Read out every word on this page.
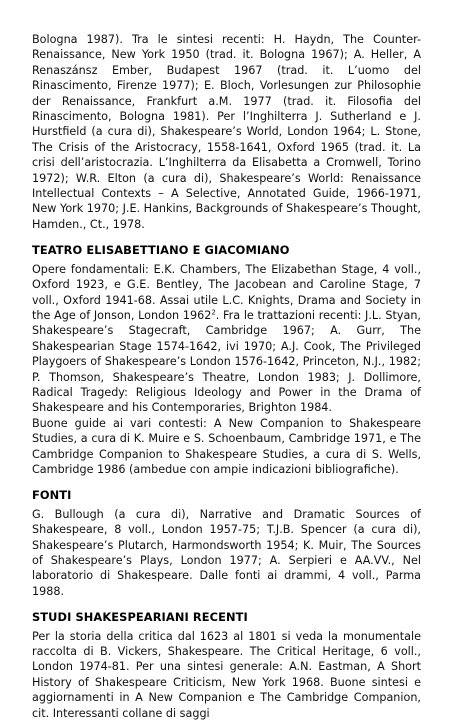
Bologna 1987). Tra le sintesi recenti: H. Haydn, The Counter-Renaissance, New York 1950 (trad. it. Bologna 1967); A. Heller, A Renaszánsz Ember, Budapest 1967 (trad. it. L’uomo del Rinascimento, Firenze 1977); E. Bloch, Vorlesungen zur Philosophie der Renaissance, Frankfurt a.M. 1977 (trad. it. Filosofia del Rinascimento, Bologna 1981). Per l’Inghilterra J. Sutherland e J. Hurstfield (a cura di), Shakespeare’s World, London 1964; L. Stone, The Crisis of the Aristocracy, 1558-1641, Oxford 1965 (trad. it. La crisi dell’aristocrazia. L’Inghilterra da Elisabetta a Cromwell, Torino 1972); W.R. Elton (a cura di), Shakespeare’s World: Renaissance Intellectual Contexts – A Selective, Annotated Guide, 1966-1971, New York 1970; J.E. Hankins, Backgrounds of Shakespeare’s Thought, Hamden., Ct., 1978.

TEATRO ELISABETTIANO E GIACOMIANO

Opere fondamentali: E.K. Chambers, The Elizabethan Stage, 4 voll., Oxford 1923, e G.E. Bentley, The Jacobean and Caroline Stage, 7 voll., Oxford 1941-68. Assai utile L.C. Knights, Drama and Society in the Age of Jonson, London 1962$^2$. Fra le trattazioni recenti: J.L. Styan, Shakespeare’s Stagecraft, Cambridge 1967; A. Gurr, The Shakespearian Stage 1574-1642, ivi 1970; A.J. Cook, The Privileged Playgoers of Shakespeare’s London 1576-1642, Princeton, N.J., 1982; P. Thomson, Shakespeare’s Theatre, London 1983; J. Dollimore, Radical Tragedy: Religious Ideology and Power in the Drama of Shakespeare and his Contemporaries, Brighton 1984.

Buone guide ai vari contesti: A New Companion to Shakespeare Studies, a cura di K. Muire e S. Schoenbaum, Cambridge 1971, e The Cambridge Companion to Shakespeare Studies, a cura di S. Wells, Cambridge 1986 (ambedue con ampie indicazioni bibliografiche).

FONTI

G. Bullough (a cura di), Narrative and Dramatic Sources of Shakespeare, 8 voll., London 1957-75; T.J.B. Spencer (a cura di), Shakespeare’s Plutarch, Harmondsworth 1954; K. Muir, The Sources of Shakespeare’s Plays, London 1977; A. Serpieri e AA.VV., Nel laboratorio di Shakespeare. Dalle fonti ai drammi, 4 voll., Parma 1988.

STUDI SHAKESPEARIANI RECENTI

Per la storia della critica dal 1623 al 1801 si veda la monumentale raccolta di B. Vickers, Shakespeare. The Critical Heritage, 6 voll., London 1974-81. Per una sintesi generale: A.N. Eastman, A Short History of Shakespeare Criticism, New York 1968. Buone sintesi e aggiornamenti in A New Companion e The Cambridge Companion, cit. Interessanti collane di saggi
